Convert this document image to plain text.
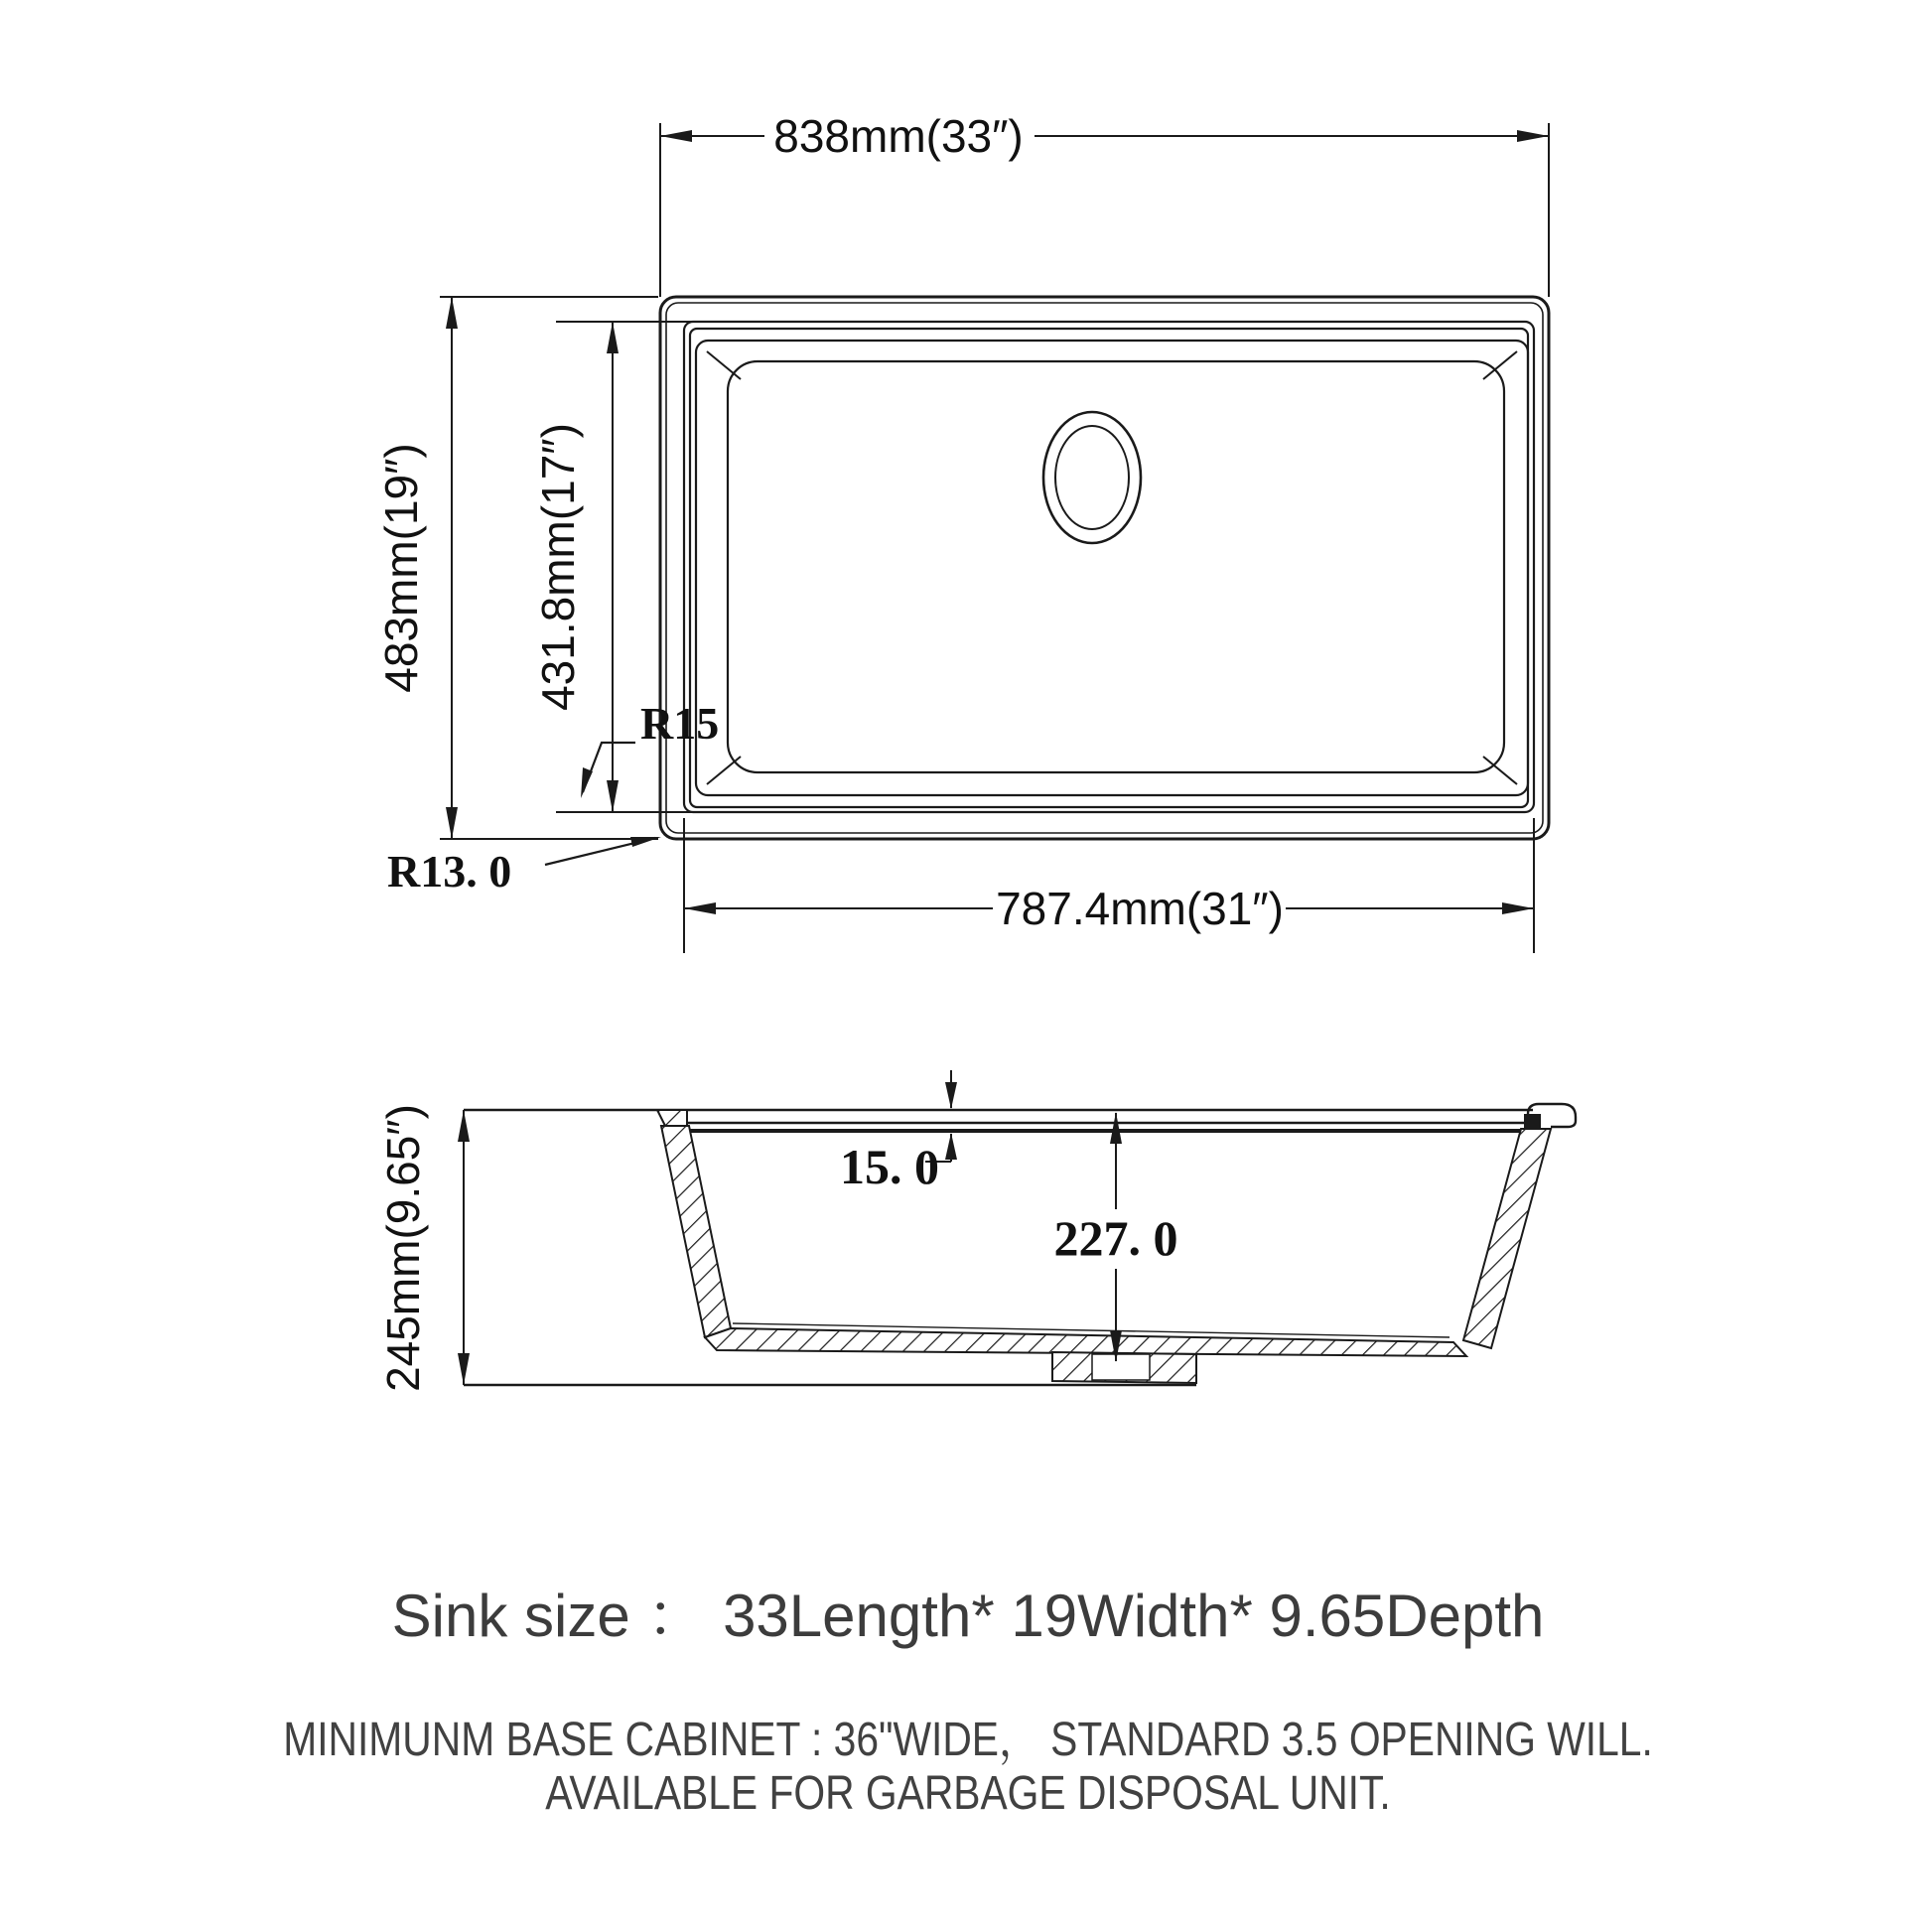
838mm(33″)
483mm(19″) 431.8mm(17″)
787.4mm(31″)
R15
R13. 0
245mm(9.65″)	15. 0
227. 0
Sink size ： 33Length* 19Width* 9.65Depth
MINIMUNM BASE CABINET : 36"WIDE， STANDARD 3.5 OPENING WILL.
AVAILABLE FOR GARBAGE DISPOSAL UNIT.
